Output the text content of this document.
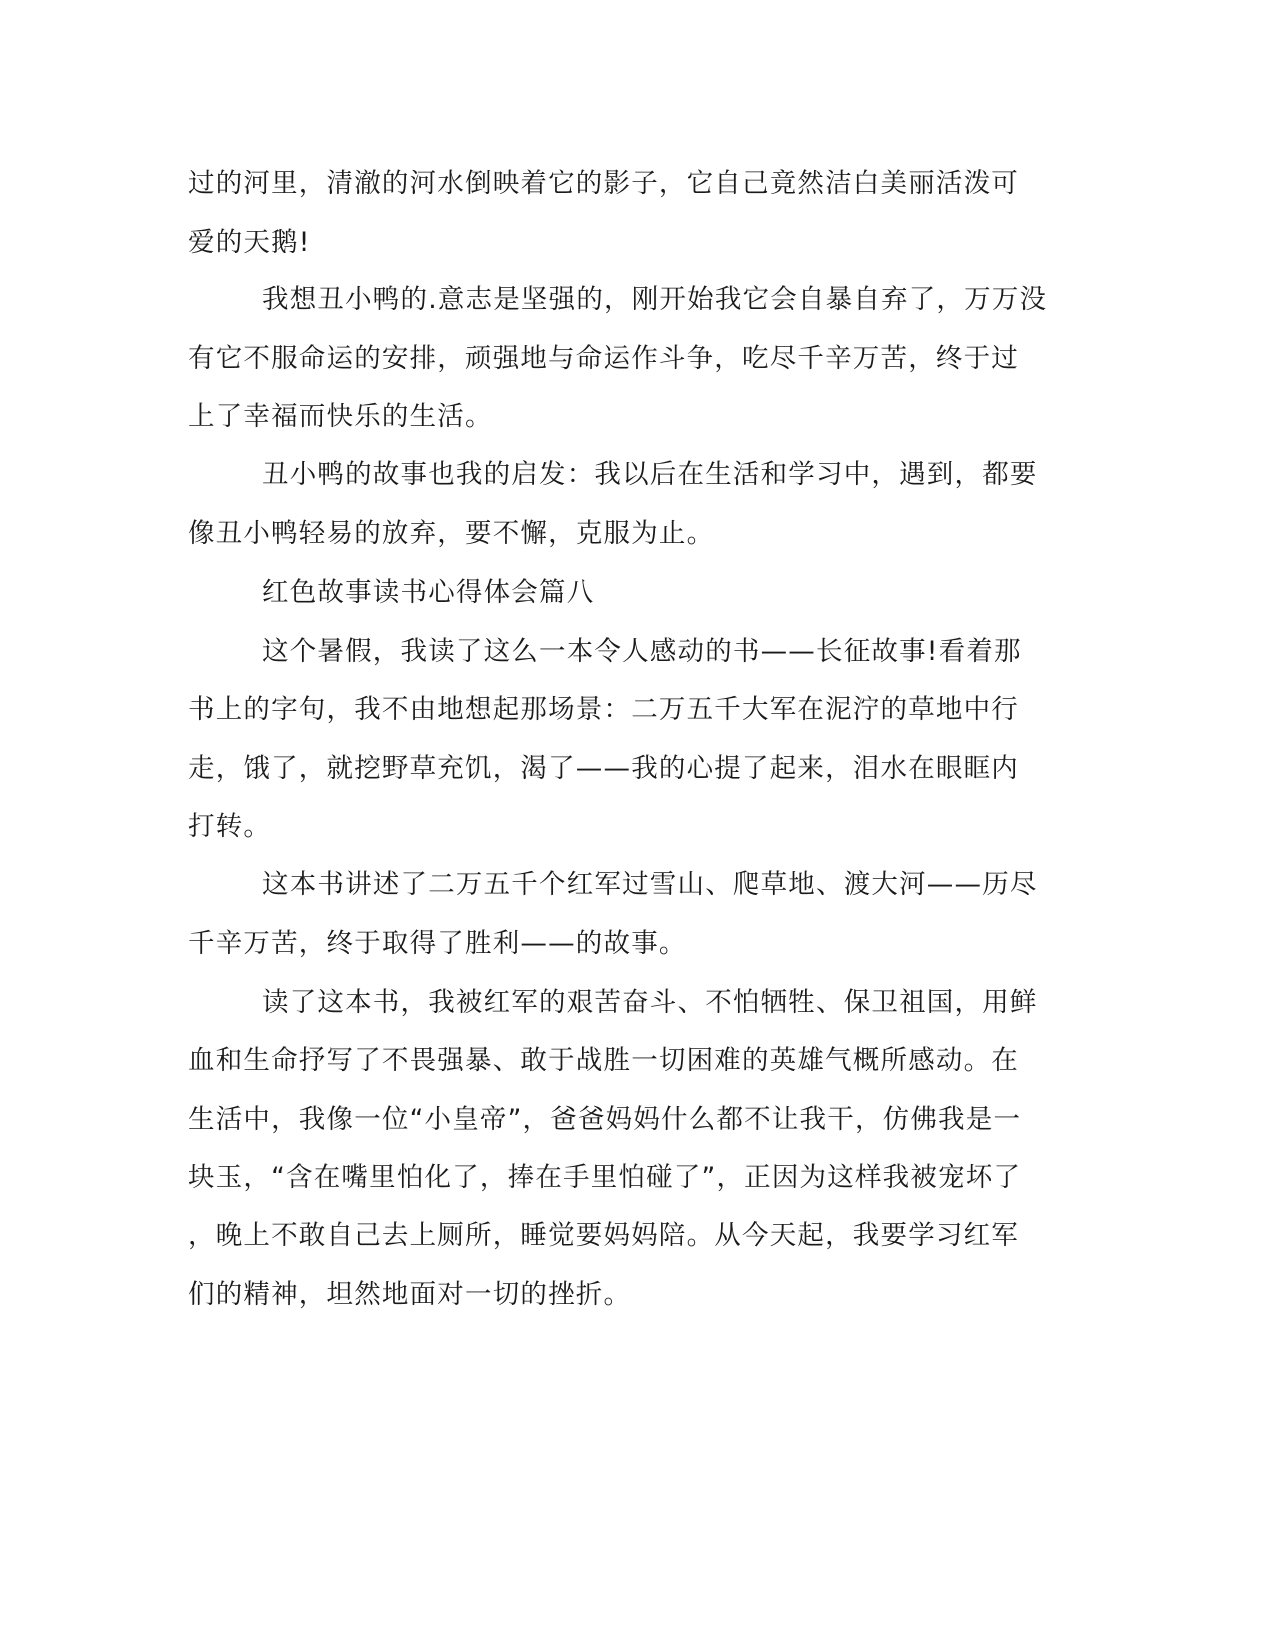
过的河里，清澈的河水倒映着它的影子，它自己竟然洁白美丽活泼可
爱的天鹅!
我想丑小鸭的.意志是坚强的，刚开始我它会自暴自弃了，万万没
有它不服命运的安排，顽强地与命运作斗争，吃尽千辛万苦，终于过
上了幸福而快乐的生活。
丑小鸭的故事也我的启发：我以后在生活和学习中，遇到，都要
像丑小鸭轻易的放弃，要不懈，克服为止。
红色故事读书心得体会篇八
这个暑假，我读了这么一本令人感动的书——长征故事!看着那
书上的字句，我不由地想起那场景：二万五千大军在泥泞的草地中行
走，饿了，就挖野草充饥，渴了——我的心提了起来，泪水在眼眶内
打转。
这本书讲述了二万五千个红军过雪山、爬草地、渡大河——历尽
千辛万苦，终于取得了胜利——的故事。
读了这本书，我被红军的艰苦奋斗、不怕牺牲、保卫祖国，用鲜
血和生命抒写了不畏强暴、敢于战胜一切困难的英雄气概所感动。在
生活中，我像一位“小皇帝”，爸爸妈妈什么都不让我干，仿佛我是一
块玉，“含在嘴里怕化了，捧在手里怕碰了”，正因为这样我被宠坏了
，晚上不敢自己去上厕所，睡觉要妈妈陪。从今天起，我要学习红军
们的精神，坦然地面对一切的挫折。
